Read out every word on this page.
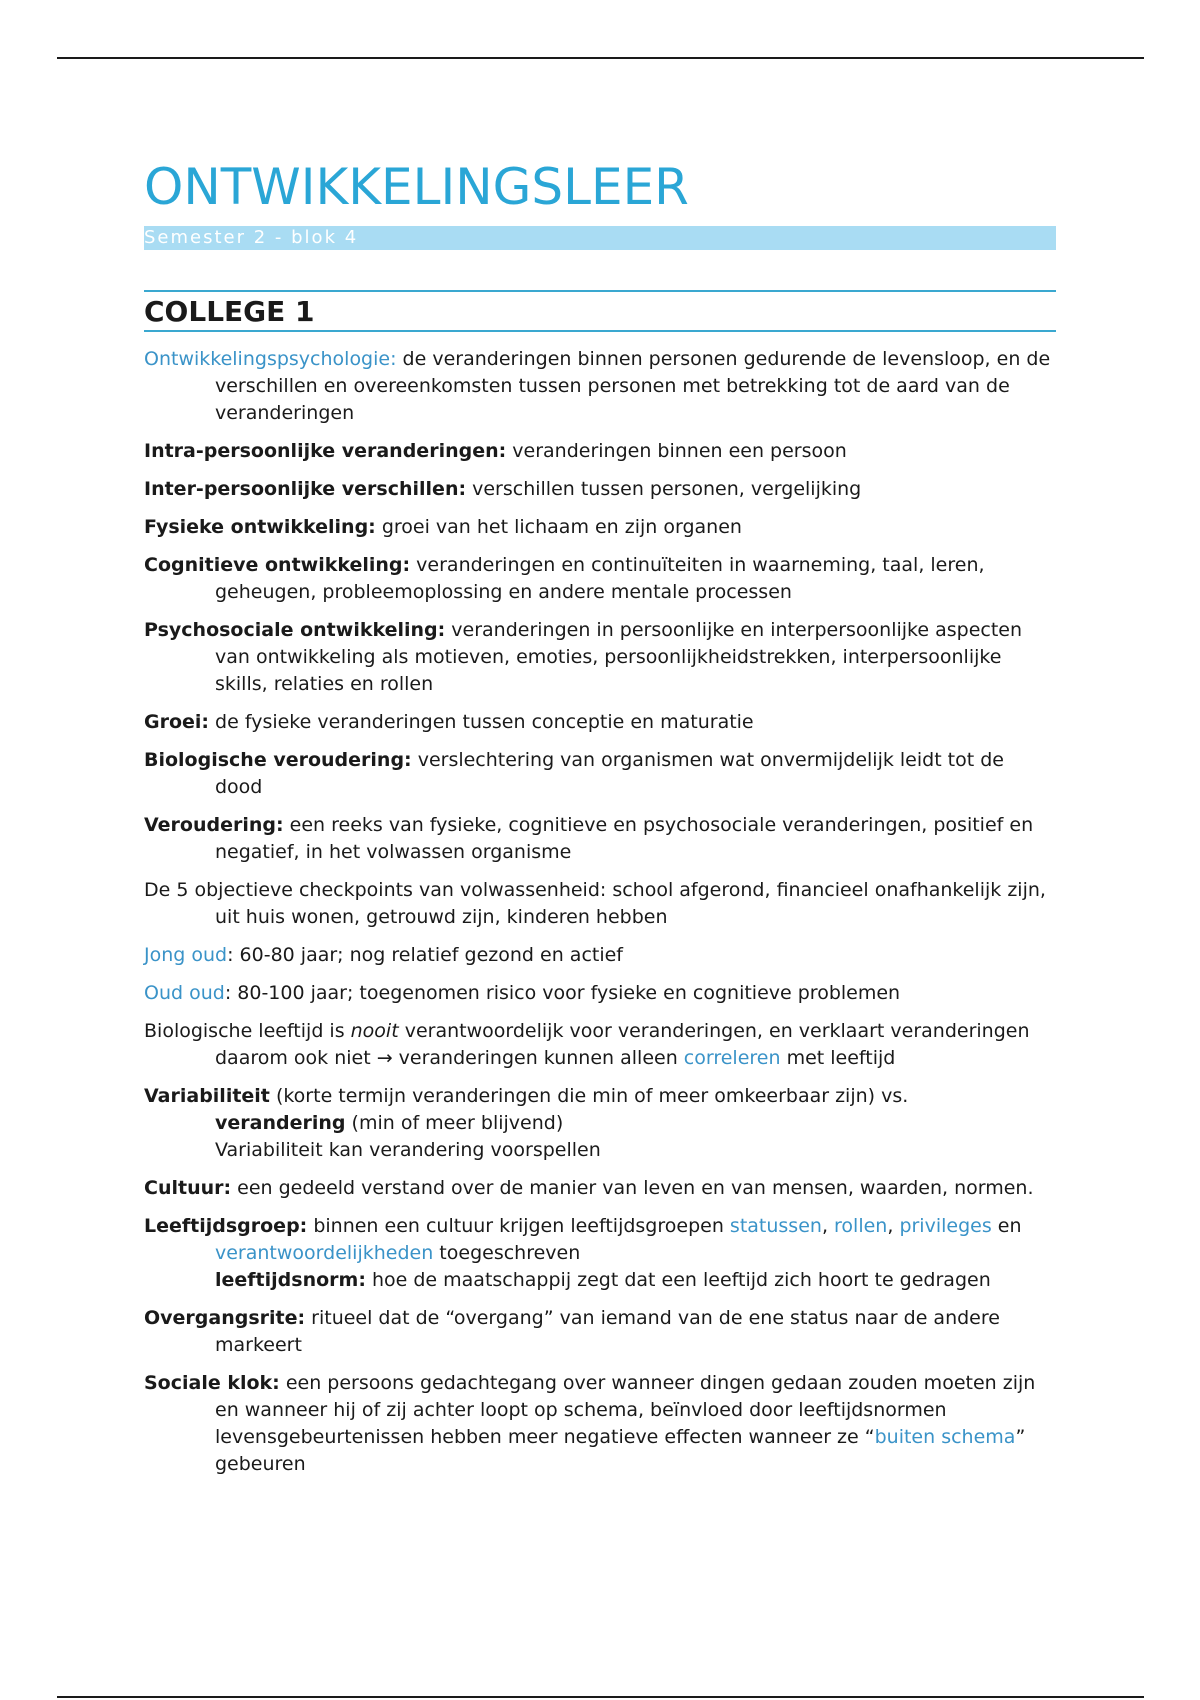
ONTWIKKELINGSLEER
Semester 2 - blok 4
COLLEGE 1

Ontwikkelingspsychologie: de veranderingen binnen personen gedurende de levensloop, en de verschillen en overeenkomsten tussen personen met betrekking tot de aard van de veranderingen

Intra-persoonlijke veranderingen: veranderingen binnen een persoon

Inter-persoonlijke verschillen: verschillen tussen personen, vergelijking

Fysieke ontwikkeling: groei van het lichaam en zijn organen

Cognitieve ontwikkeling: veranderingen en continuïteiten in waarneming, taal, leren, geheugen, probleemoplossing en andere mentale processen

Psychosociale ontwikkeling: veranderingen in persoonlijke en interpersoonlijke aspecten van ontwikkeling als motieven, emoties, persoonlijkheidstrekken, interpersoonlijke skills, relaties en rollen

Groei: de fysieke veranderingen tussen conceptie en maturatie

Biologische veroudering: verslechtering van organismen wat onvermijdelijk leidt tot de dood

Veroudering: een reeks van fysieke, cognitieve en psychosociale veranderingen, positief en negatief, in het volwassen organisme

De 5 objectieve checkpoints van volwassenheid: school afgerond, financieel onafhankelijk zijn, uit huis wonen, getrouwd zijn, kinderen hebben

Jong oud: 60-80 jaar; nog relatief gezond en actief

Oud oud: 80-100 jaar; toegenomen risico voor fysieke en cognitieve problemen

Biologische leeftijd is nooit verantwoordelijk voor veranderingen, en verklaart veranderingen daarom ook niet → veranderingen kunnen alleen correleren met leeftijd

Variabiliteit (korte termijn veranderingen die min of meer omkeerbaar zijn) vs.
verandering (min of meer blijvend)
Variabiliteit kan verandering voorspellen

Cultuur: een gedeeld verstand over de manier van leven en van mensen, waarden, normen.

Leeftijdsgroep: binnen een cultuur krijgen leeftijdsgroepen statussen, rollen, privileges en verantwoordelijkheden toegeschreven
leeftijdsnorm: hoe de maatschappij zegt dat een leeftijd zich hoort te gedragen

Overgangsrite: ritueel dat de “overgang” van iemand van de ene status naar de andere markeert

Sociale klok: een persoons gedachtegang over wanneer dingen gedaan zouden moeten zijn en wanneer hij of zij achter loopt op schema, beïnvloed door leeftijdsnormen
levensgebeurtenissen hebben meer negatieve effecten wanneer ze “buiten schema” gebeuren
